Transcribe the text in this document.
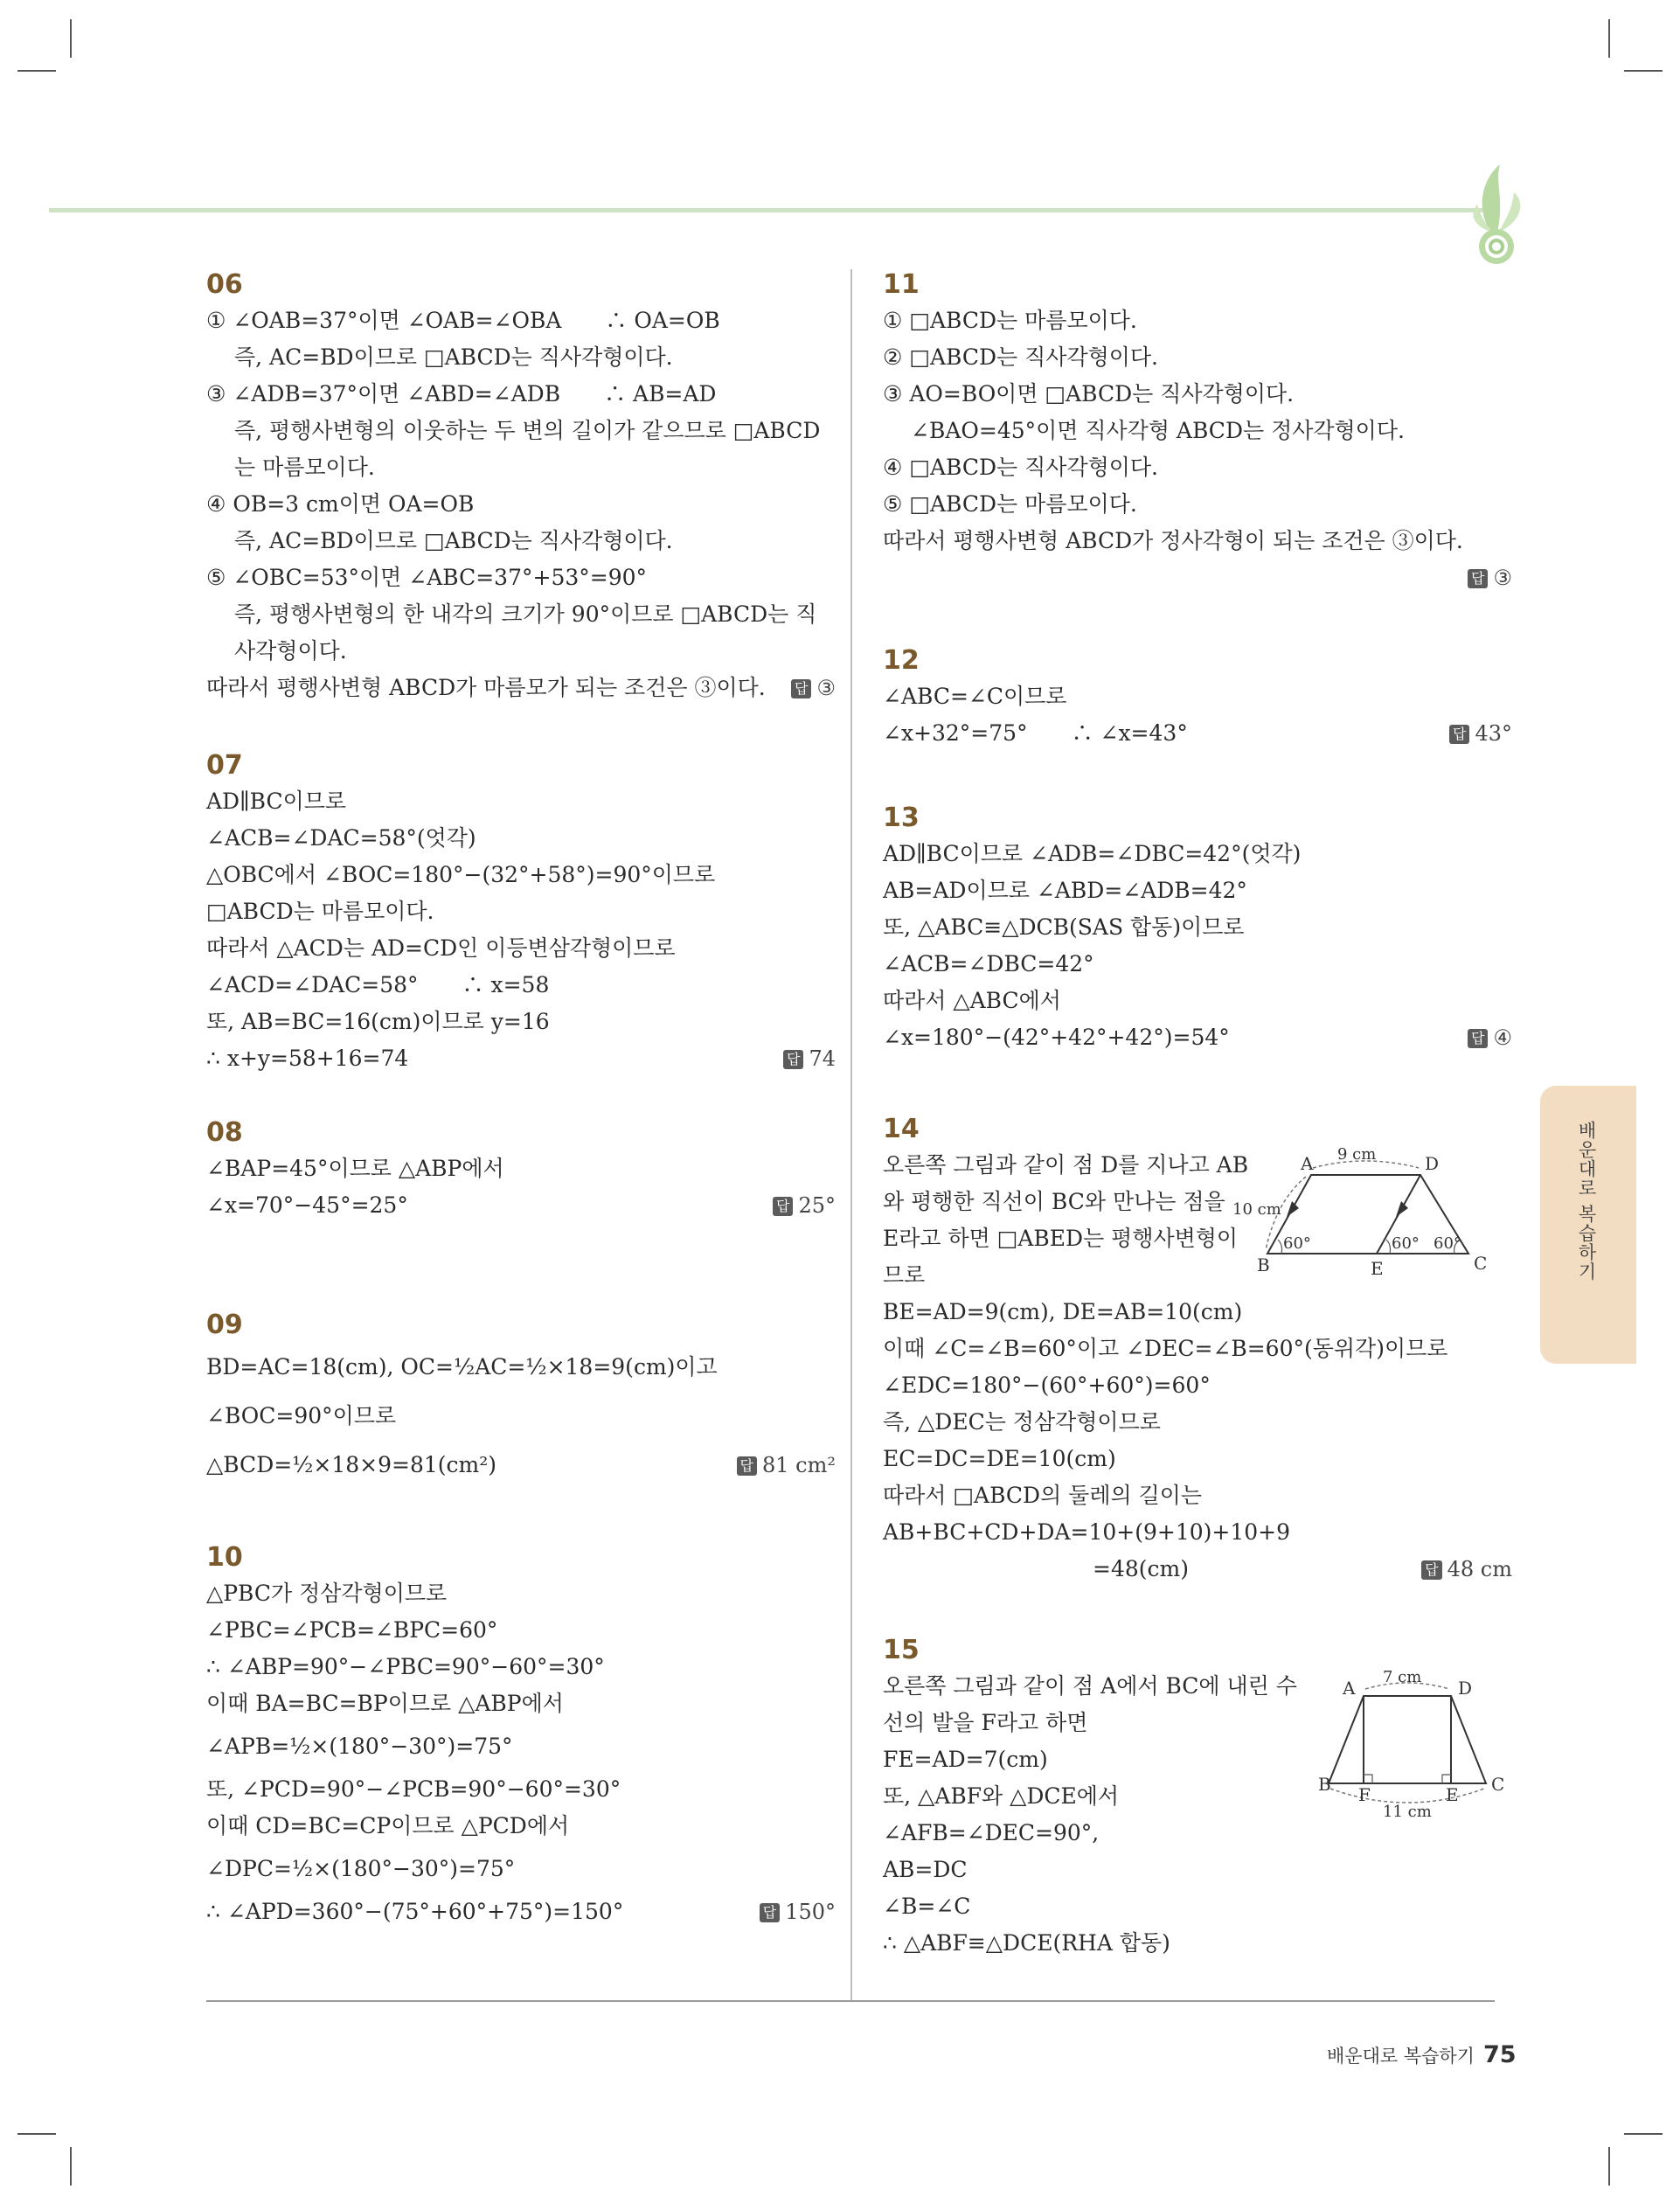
06
① ∠OAB=37°이면 ∠OAB=∠OBA　　∴ OA=OB
즉, AC=BD이므로 □ABCD는 직사각형이다.
③ ∠ADB=37°이면 ∠ABD=∠ADB　　∴ AB=AD
즉, 평행사변형의 이웃하는 두 변의 길이가 같으므로 □ABCD
는 마름모이다.
④ OB=3 cm이면 OA=OB
즉, AC=BD이므로 □ABCD는 직사각형이다.
⑤ ∠OBC=53°이면 ∠ABC=37°+53°=90°
즉, 평행사변형의 한 내각의 크기가 90°이므로 □ABCD는 직
사각형이다.
따라서 평행사변형 ABCD가 마름모가 되는 조건은 ③이다. 답 ③
07
AD∥BC이므로
∠ACB=∠DAC=58°(엇각)
△OBC에서 ∠BOC=180°−(32°+58°)=90°이므로
□ABCD는 마름모이다.
따라서 △ACD는 AD=CD인 이등변삼각형이므로
∠ACD=∠DAC=58°　　∴ x=58
또, AB=BC=16(cm)이므로 y=16
∴ x+y=58+16=74	답 74
08
∠BAP=45°이므로 △ABP에서
∠x=70°−45°=25°	답 25°
09
BD=AC=18(cm), OC=½AC=½×18=9(cm)이고
∠BOC=90°이므로
△BCD=½×18×9=81(cm²)	답 81 cm²
10
△PBC가 정삼각형이므로
∠PBC=∠PCB=∠BPC=60°
∴ ∠ABP=90°−∠PBC=90°−60°=30°
이때 BA=BC=BP이므로 △ABP에서
∠APB=½×(180°−30°)=75°
또, ∠PCD=90°−∠PCB=90°−60°=30°
이때 CD=BC=CP이므로 △PCD에서
∠DPC=½×(180°−30°)=75°
∴ ∠APD=360°−(75°+60°+75°)=150°	답 150°
11
① □ABCD는 마름모이다.
② □ABCD는 직사각형이다.
③ AO=BO이면 □ABCD는 직사각형이다.
∠BAO=45°이면 직사각형 ABCD는 정사각형이다.
④ □ABCD는 직사각형이다.
⑤ □ABCD는 마름모이다.
따라서 평행사변형 ABCD가 정사각형이 되는 조건은 ③이다.
답 ③
12
∠ABC=∠C이므로
∠x+32°=75°　　∴ ∠x=43°	답 43°
13
AD∥BC이므로 ∠ADB=∠DBC=42°(엇각)
AB=AD이므로 ∠ABD=∠ADB=42°
또, △ABC≡△DCB(SAS 합동)이므로
∠ACB=∠DBC=42°
따라서 △ABC에서
∠x=180°−(42°+42°+42°)=54°	답 ④
14
오른쪽 그림과 같이 점 D를 지나고 AB
와 평행한 직선이 BC와 만나는 점을
E라고 하면 □ABED는 평행사변형이
므로
BE=AD=9(cm), DE=AB=10(cm)
이때 ∠C=∠B=60°이고 ∠DEC=∠B=60°(동위각)이므로
∠EDC=180°−(60°+60°)=60°
즉, △DEC는 정삼각형이므로
EC=DC=DE=10(cm)
따라서 □ABCD의 둘레의 길이는
AB+BC+CD+DA=10+(9+10)+10+9
=48(cm)	답 48 cm
A	D
B	E	C
9 cm
10 cm
60°	60° 60°
15
오른쪽 그림과 같이 점 A에서 BC에 내린 수
선의 발을 F라고 하면
FE=AD=7(cm)
또, △ABF와 △DCE에서
∠AFB=∠DEC=90°,
AB=DC
∠B=∠C
∴ △ABF≡△DCE(RHA 합동)
A	D
B F	E C
7 cm
11 cm
배운대로 복습하기
배운대로 복습하기 75
